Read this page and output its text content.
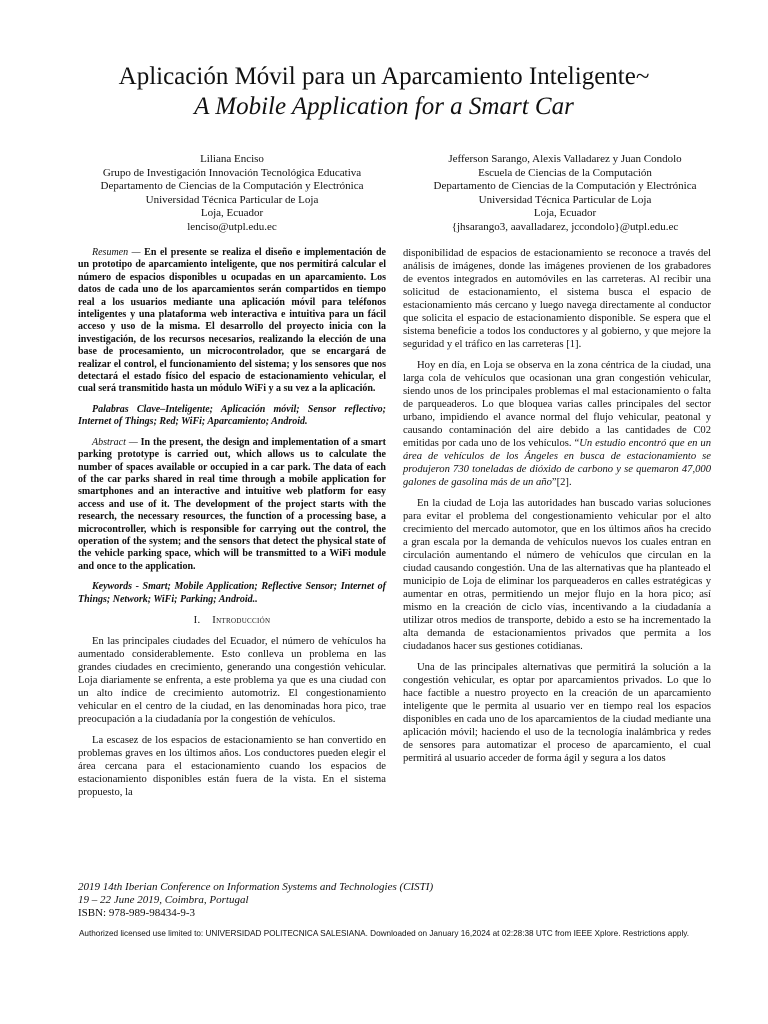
Aplicación Móvil para un Aparcamiento Inteligente~
A Mobile Application for a Smart Car
Liliana Enciso
Grupo de Investigación Innovación Tecnológica Educativa
Departamento de Ciencias de la Computación y Electrónica
Universidad Técnica Particular de Loja
Loja, Ecuador
lenciso@utpl.edu.ec
Jefferson Sarango, Alexis Valladarez y Juan Condolo
Escuela de Ciencias de la Computación
Departamento de Ciencias de la Computación y Electrónica
Universidad Técnica Particular de Loja
Loja, Ecuador
{jhsarango3, aavalladarez, jccondolo}@utpl.edu.ec

Resumen — En el presente se realiza el diseño e implementación de un prototipo de aparcamiento inteligente, que nos permitirá calcular el número de espacios disponibles u ocupadas en un aparcamiento. Los datos de cada uno de los aparcamientos serán compartidos en tiempo real a los usuarios mediante una aplicación móvil para teléfonos inteligentes y una plataforma web interactiva e intuitiva para un fácil acceso y uso de la misma. El desarrollo del proyecto inicia con la investigación, de los recursos necesarios, realizando la elección de una base de procesamiento, un microcontrolador, que se encargará de realizar el control, el funcionamiento del sistema; y los sensores que nos detectará el estado físico del espacio de estacionamiento vehicular, el cual será transmitido hasta un módulo WiFi y a su vez a la aplicación.

Palabras Clave–Inteligente; Aplicación móvil; Sensor reflectivo; Internet of Things; Red; WiFi; Aparcamiento; Android.

Abstract — In the present, the design and implementation of a smart parking prototype is carried out, which allows us to calculate the number of spaces available or occupied in a car park. The data of each of the car parks shared in real time through a mobile application for smartphones and an interactive and intuitive web platform for easy access and use of it. The development of the project starts with the research, the necessary resources, the function of a processing base, a microcontroller, which is responsible for carrying out the control, the operation of the system; and the sensors that detect the physical state of the vehicle parking space, which will be transmitted to a WiFi module and once to the application.

Keywords - Smart; Mobile Application; Reflective Sensor; Internet of Things; Network; WiFi; Parking; Android..

I. Introducción

En las principales ciudades del Ecuador, el número de vehículos ha aumentado considerablemente. Esto conlleva un problema en las grandes ciudades en crecimiento, generando una congestión vehicular. Loja diariamente se enfrenta, a este problema ya que es una ciudad con un alto índice de crecimiento automotriz. El congestionamiento vehicular en el centro de la ciudad, en las denominadas hora pico, trae preocupación a la ciudadanía por la congestión de vehículos.

La escasez de los espacios de estacionamiento se han convertido en problemas graves en los últimos años. Los conductores pueden elegir el área cercana para el estacionamiento cuando los espacios de estacionamiento disponibles están fuera de la vista. En el sistema propuesto, la

disponibilidad de espacios de estacionamiento se reconoce a través del análisis de imágenes, donde las imágenes provienen de los grabadores de eventos integrados en automóviles en las carreteras. Al recibir una solicitud de estacionamiento, el sistema busca el espacio de estacionamiento más cercano y luego navega directamente al conductor que solicita el espacio de estacionamiento disponible. Se espera que el sistema beneficie a todos los conductores y al gobierno, y que mejore la seguridad y el tráfico en las carreteras [1].

Hoy en día, en Loja se observa en la zona céntrica de la ciudad, una larga cola de vehículos que ocasionan una gran congestión vehicular, siendo unos de los principales problemas el mal estacionamiento o falta de parqueaderos. Lo que bloquea varias calles principales del sector urbano, impidiendo el avance normal del flujo vehicular, peatonal y causando contaminación del aire debido a las cantidades de C02 emitidas por cada uno de los vehículos. “Un estudio encontró que en un área de vehículos de los Ángeles en busca de estacionamiento se produjeron 730 toneladas de dióxido de carbono y se quemaron 47,000 galones de gasolina más de un año”[2].

En la ciudad de Loja las autoridades han buscado varias soluciones para evitar el problema del congestionamiento vehicular por el alto crecimiento del mercado automotor, que en los últimos años ha crecido a gran escala por la demanda de vehículos nuevos los cuales entran en circulación aumentando el número de vehículos que circulan en la ciudad causando congestión. Una de las alternativas que ha planteado el municipio de Loja de eliminar los parqueaderos en calles estratégicas y aumentar en otras, permitiendo un mejor flujo en la hora pico; así mismo en la creación de ciclo vías, incentivando a la ciudadanía a utilizar otros medios de transporte, debido a esto se ha incrementado la alta demanda de estacionamientos privados que permita a los ciudadanos hacer sus gestiones cotidianas.

Una de las principales alternativas que permitirá la solución a la congestión vehicular, es optar por aparcamientos privados. Lo que lo hace factible a nuestro proyecto en la creación de un aparcamiento inteligente que le permita al usuario ver en tiempo real los espacios disponibles en cada uno de los aparcamientos de la ciudad mediante una aplicación móvil; haciendo el uso de la tecnología inalámbrica y redes de sensores para automatizar el proceso de aparcamiento, el cual permitirá al usuario acceder de forma ágil y segura a los datos

2019 14th Iberian Conference on Information Systems and Technologies (CISTI)
19 – 22 June 2019, Coimbra, Portugal
ISBN: 978-989-98434-9-3
Authorized licensed use limited to: UNIVERSIDAD POLITECNICA SALESIANA. Downloaded on January 16,2024 at 02:28:38 UTC from IEEE Xplore. Restrictions apply.
